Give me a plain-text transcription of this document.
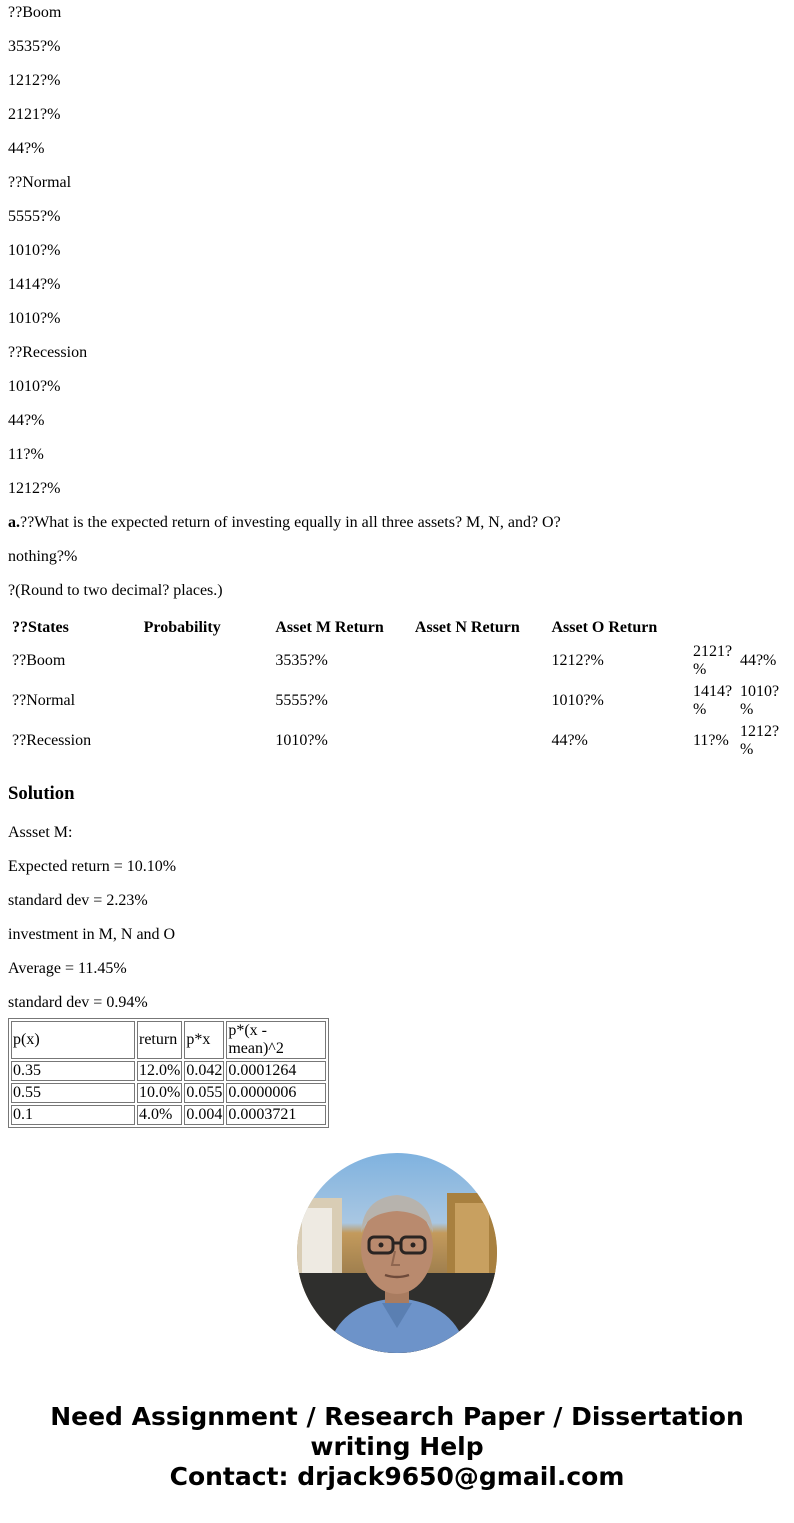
??Boom

3535?%

1212?%

2121?%

44?%

??Normal

5555?%

1010?%

1414?%

1010?%

??Recession

1010?%

44?%

11?%

1212?%

a.??What is the expected return of investing equally in all three assets? M, N, and? O?

nothing?%

?(Round to two decimal? places.)

??States	Probability	Asset M Return	Asset N Return	Asset O Return		
??Boom		3535?%		1212?%	2121?%	44?%
??Normal		5555?%		1010?%	1414?%	1010?%
??Recession		1010?%		44?%	11?%	1212?%
Solution

Assset M:

Expected return = 10.10%

standard dev = 2.23%

investment in M, N and O

Average = 11.45%

standard dev = 0.94%

p(x)	return	p*x	p*(x - mean)^2
0.35	12.0%	0.042	0.0001264
0.55	10.0%	0.055	0.0000006
0.1	4.0%	0.004	0.0003721
Need Assignment / Research Paper / Dissertation
writing Help
Contact: drjack9650@gmail.com
